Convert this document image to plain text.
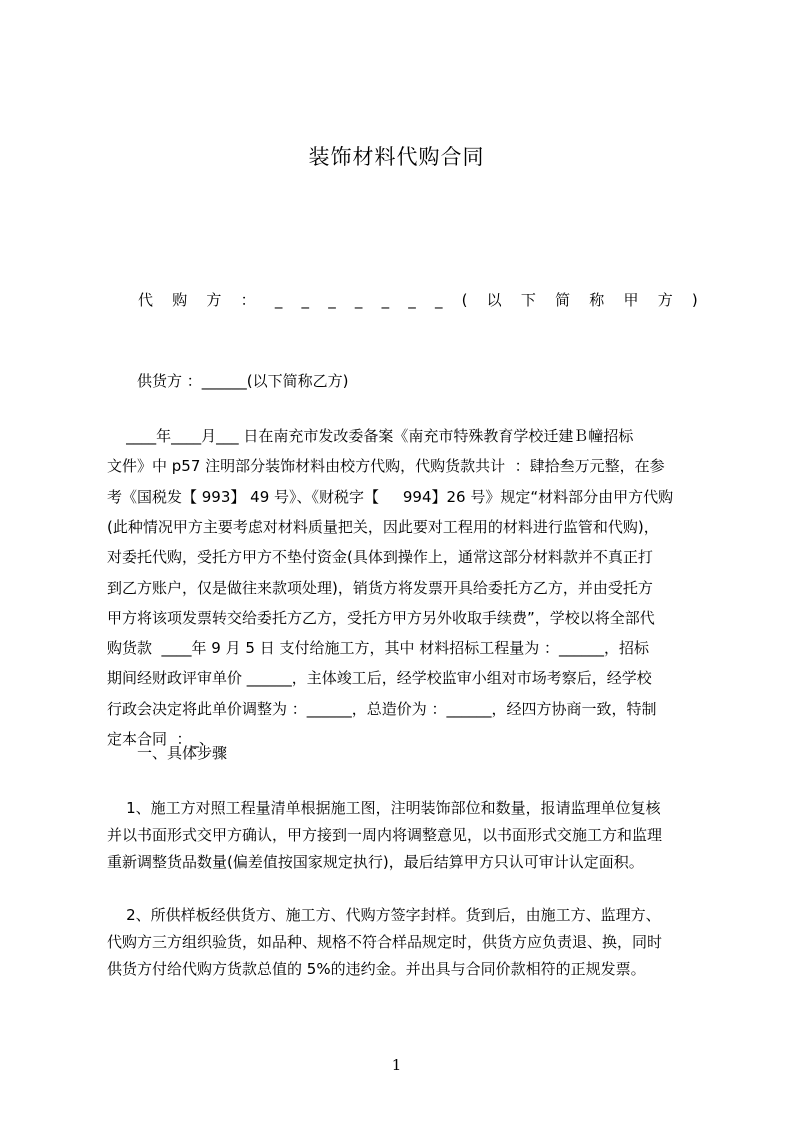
装饰材料代购合同
代 购 方 ： _ _ _ _ _ _ _ ( 以 下 简 称 甲 方 )
供货方 ：______(以下简称乙方)
____年____月___ 日在南充市发改委备案《南充市特殊教育学校迁建Ｂ幢招标
文件》中 p57 注明部分装饰材料由校方代购，代购货款共计  ：肆拾叁万元整，在参
考《国税发【 993】 49 号》、《财税字【     994】26 号》规定“材料部分由甲方代购
(此种情况甲方主要考虑对材料质量把关，因此要对工程用的材料进行监管和代购)，
对委托代购，受托方甲方不垫付资金(具体到操作上，通常这部分材料款并不真正打
到乙方账户，仅是做往来款项处理)，销货方将发票开具给委托方乙方，并由受托方
甲方将该项发票转交给委托方乙方，受托方甲方另外收取手续费”，学校以将全部代
购货款  ____年 9 月 5 日 支付给施工方，其中 材料招标工程量为 ：______，招标
期间经财政评审单价 ______，主体竣工后，经学校监审小组对市场考察后，经学校
行政会决定将此单价调整为 ：______，总造价为 ：______，经四方协商一致，特制
定本合同  ：_、
一、具体步骤
1、施工方对照工程量清单根据施工图，注明装饰部位和数量，报请监理单位复核
并以书面形式交甲方确认，甲方接到一周内将调整意见，以书面形式交施工方和监理
重新调整货品数量(偏差值按国家规定执行)，最后结算甲方只认可审计认定面积。
2、所供样板经供货方、施工方、代购方签字封样。货到后，由施工方、监理方、
代购方三方组织验货，如品种、规格不符合样品规定时，供货方应负责退、换，同时
供货方付给代购方货款总值的 5%的违约金。并出具与合同价款相符的正规发票。
1
